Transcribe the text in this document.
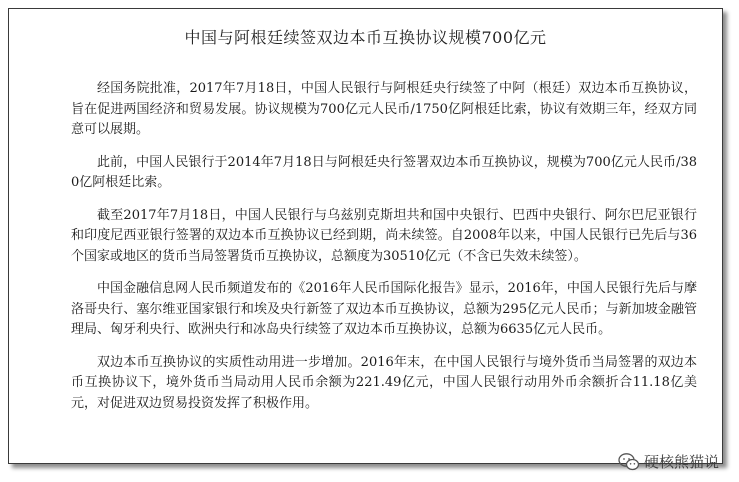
中国与阿根廷续签双边本币互换协议规模700亿元

经国务院批准，2017年7月18日，中国人民银行与阿根廷央行续签了中阿（根廷）双边本币互换协议，旨在促进两国经济和贸易发展。协议规模为700亿元人民币/1750亿阿根廷比索，协议有效期三年，经双方同意可以展期。

此前，中国人民银行于2014年7月18日与阿根廷央行签署双边本币互换协议，规模为700亿元人民币/380亿阿根廷比索。

截至2017年7月18日，中国人民银行与乌兹别克斯坦共和国中央银行、巴西中央银行、阿尔巴尼亚银行和印度尼西亚银行签署的双边本币互换协议已经到期，尚未续签。自2008年以来，中国人民银行已先后与36个国家或地区的货币当局签署货币互换协议，总额度为30510亿元（不含已失效未续签）。

中国金融信息网人民币频道发布的《2016年人民币国际化报告》显示，2016年，中国人民银行先后与摩洛哥央行、塞尔维亚国家银行和埃及央行新签了双边本币互换协议，总额为295亿元人民币；与新加坡金融管理局、匈牙利央行、欧洲央行和冰岛央行续签了双边本币互换协议，总额为6635亿元人民币。

双边本币互换协议的实质性动用进一步增加。2016年末，在中国人民银行与境外货币当局签署的双边本币互换协议下，境外货币当局动用人民币余额为221.49亿元，中国人民银行动用外币余额折合11.18亿美元，对促进双边贸易投资发挥了积极作用。

硬核熊猫说
